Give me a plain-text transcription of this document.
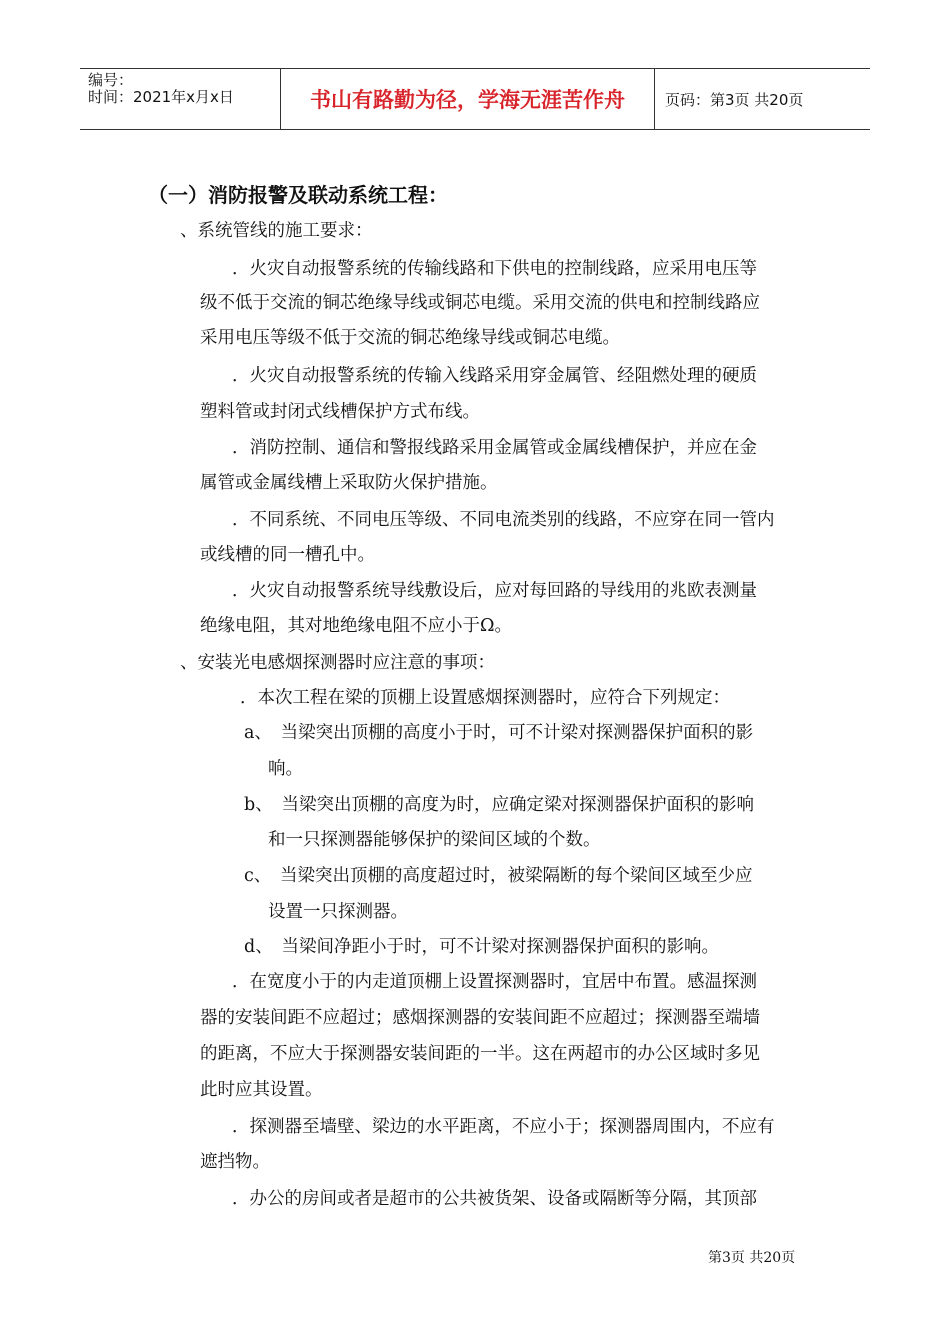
编号：
时间：2021年x月x日	书山有路勤为径，学海无涯苦作舟	页码：第3页 共20页
（一）消防报警及联动系统工程：
、系统管线的施工要求：
．火灾自动报警系统的传输线路和下供电的控制线路，应采用电压等
级不低于交流的铜芯绝缘导线或铜芯电缆。采用交流的供电和控制线路应
采用电压等级不低于交流的铜芯绝缘导线或铜芯电缆。
．火灾自动报警系统的传输入线路采用穿金属管、经阻燃处理的硬质
塑料管或封闭式线槽保护方式布线。
．消防控制、通信和警报线路采用金属管或金属线槽保护，并应在金
属管或金属线槽上采取防火保护措施。
．不同系统、不同电压等级、不同电流类别的线路，不应穿在同一管内
或线槽的同一槽孔中。
．火灾自动报警系统导线敷设后，应对每回路的导线用的兆欧表测量
绝缘电阻，其对地绝缘电阻不应小于Ω。
、安装光电感烟探测器时应注意的事项：
．本次工程在梁的顶棚上设置感烟探测器时，应符合下列规定：
a、　当梁突出顶棚的高度小于时，可不计梁对探测器保护面积的影
响。
b、　当梁突出顶棚的高度为时，应确定梁对探测器保护面积的影响
和一只探测器能够保护的梁间区域的个数。
c、　当梁突出顶棚的高度超过时，被梁隔断的每个梁间区域至少应
设置一只探测器。
d、　当梁间净距小于时，可不计梁对探测器保护面积的影响。
．在宽度小于的内走道顶棚上设置探测器时，宜居中布置。感温探测
器的安装间距不应超过；感烟探测器的安装间距不应超过；探测器至端墙
的距离，不应大于探测器安装间距的一半。这在两超市的办公区域时多见
此时应其设置。
．探测器至墙壁、梁边的水平距离，不应小于；探测器周围内，不应有
遮挡物。
．办公的房间或者是超市的公共被货架、设备或隔断等分隔，其顶部
第3页 共20页
